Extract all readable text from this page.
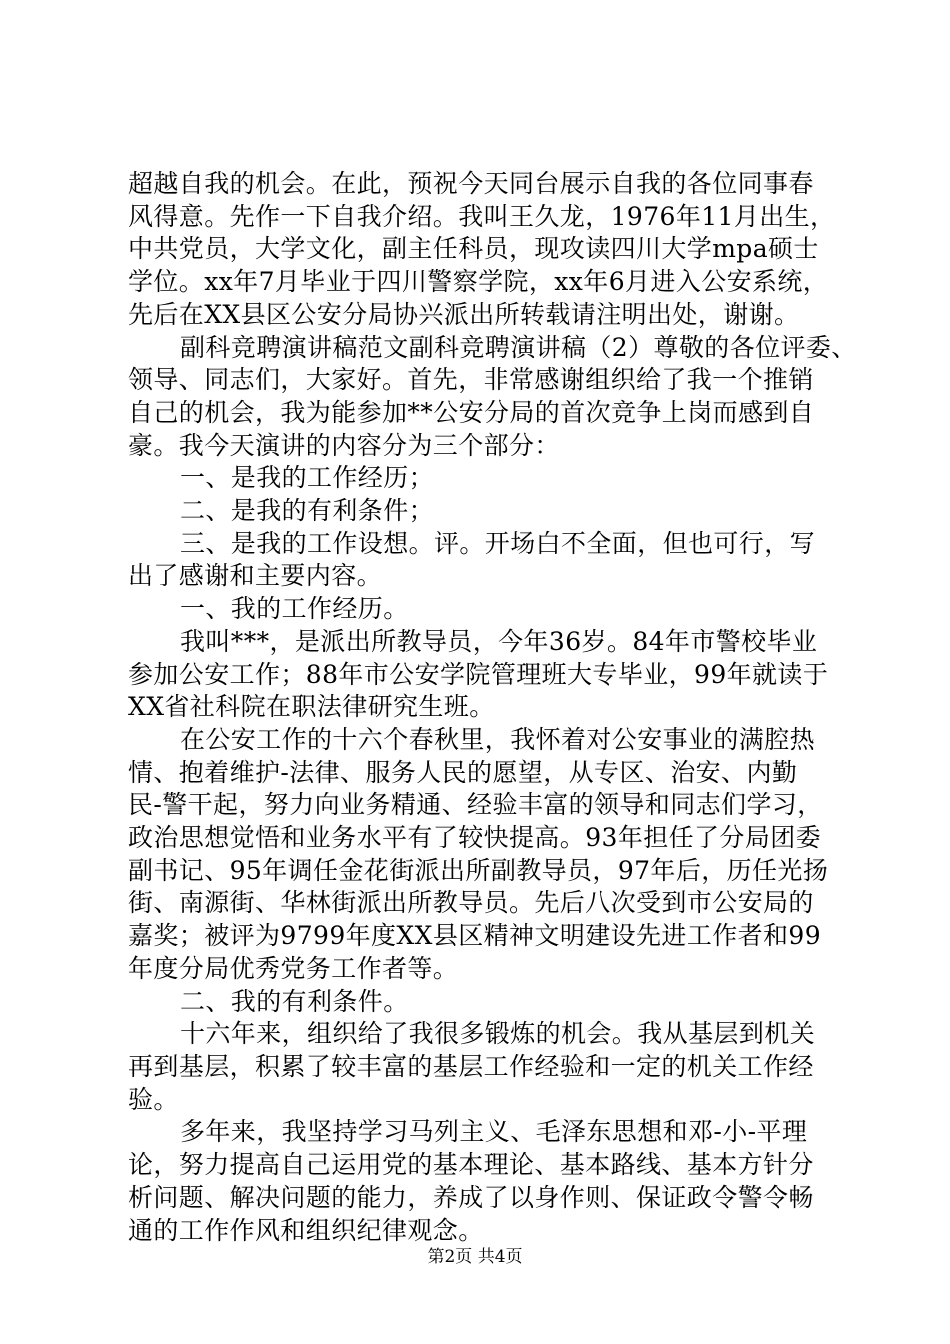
超越自我的机会。在此，预祝今天同台展示自我的各位同事春
风得意。先作一下自我介绍。我叫王久龙，1976年11月出生，
中共党员，大学文化，副主任科员，现攻读四川大学mpa硕士
学位。xx年7月毕业于四川警察学院，xx年6月进入公安系统，
先后在XX县区公安分局协兴派出所转载请注明出处，谢谢。
副科竞聘演讲稿范文副科竞聘演讲稿（2）尊敬的各位评委、
领导、同志们，大家好。首先，非常感谢组织给了我一个推销
自己的机会，我为能参加**公安分局的首次竞争上岗而感到自
豪。我今天演讲的内容分为三个部分：
一、是我的工作经历；
二、是我的有利条件；
三、是我的工作设想。评。开场白不全面，但也可行，写
出了感谢和主要内容。
一、我的工作经历。
我叫***，是派出所教导员，今年36岁。84年市警校毕业
参加公安工作；88年市公安学院管理班大专毕业，99年就读于
XX省社科院在职法律研究生班。
在公安工作的十六个春秋里，我怀着对公安事业的满腔热
情、抱着维护-法律、服务人民的愿望，从专区、治安、内勤
民-警干起，努力向业务精通、经验丰富的领导和同志们学习，
政治思想觉悟和业务水平有了较快提高。93年担任了分局团委
副书记、95年调任金花街派出所副教导员，97年后，历任光扬
街、南源街、华林街派出所教导员。先后八次受到市公安局的
嘉奖；被评为9799年度XX县区精神文明建设先进工作者和99
年度分局优秀党务工作者等。
二、我的有利条件。
十六年来，组织给了我很多锻炼的机会。我从基层到机关
再到基层，积累了较丰富的基层工作经验和一定的机关工作经
验。
多年来，我坚持学习马列主义、毛泽东思想和邓-小-平理
论，努力提高自己运用党的基本理论、基本路线、基本方针分
析问题、解决问题的能力，养成了以身作则、保证政令警令畅
通的工作作风和组织纪律观念。
第2页 共4页
